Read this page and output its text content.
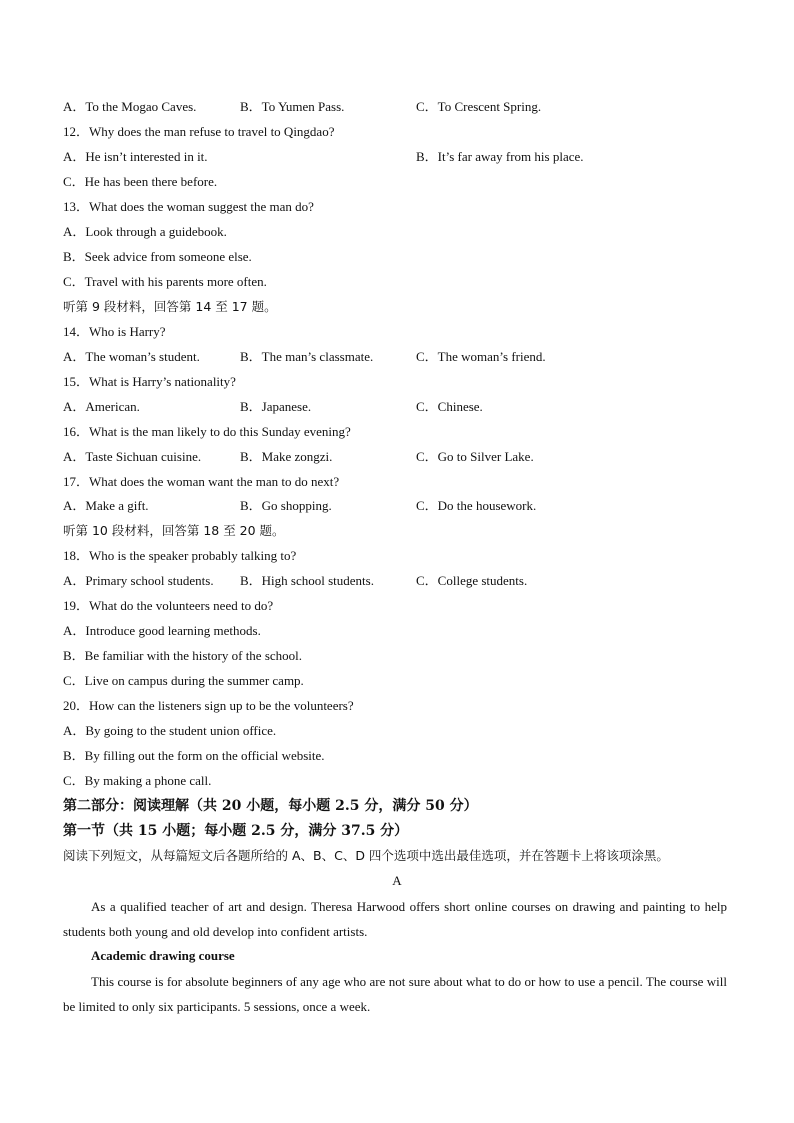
A．To the Mogao Caves.	B．To Yumen Pass.	C．To Crescent Spring.
12．Why does the man refuse to travel to Qingdao?
A．He isn’t interested in it.	B．It’s far away from his place.
C．He has been there before.
13．What does the woman suggest the man do?
A．Look through a guidebook.
B．Seek advice from someone else.
C．Travel with his parents more often.
听第 9 段材料，回答第 14 至 17 题。
14．Who is Harry?
A．The woman’s student.	B．The man’s classmate.	C．The woman’s friend.
15．What is Harry’s nationality?
A．American.	B．Japanese.	C．Chinese.
16．What is the man likely to do this Sunday evening?
A．Taste Sichuan cuisine.	B．Make zongzi.	C．Go to Silver Lake.
17．What does the woman want the man to do next?
A．Make a gift.	B．Go shopping.	C．Do the housework.
听第 10 段材料，回答第 18 至 20 题。
18．Who is the speaker probably talking to?
A．Primary school students. B．High school students.	C．College students.
19．What do the volunteers need to do?
A．Introduce good learning methods.
B．Be familiar with the history of the school.
C．Live on campus during the summer camp.
20．How can the listeners sign up to be the volunteers?
A．By going to the student union office.
B．By filling out the form on the official website.
C．By making a phone call.
第二部分：阅读理解（共 20 小题，每小题 2.5 分，满分 50 分）
第一节（共 15 小题；每小题 2.5 分，满分 37.5 分）
阅读下列短文，从每篇短文后各题所给的 A、B、C、D 四个选项中选出最佳选项，并在答题卡上将该项涂黑。
A
As a qualified teacher of art and design. Theresa Harwood offers short online courses on drawing and painting to help students both young and old develop into confident artists.
Academic drawing course
This course is for absolute beginners of any age who are not sure about what to do or how to use a pencil. The course will be limited to only six participants. 5 sessions, once a week.
